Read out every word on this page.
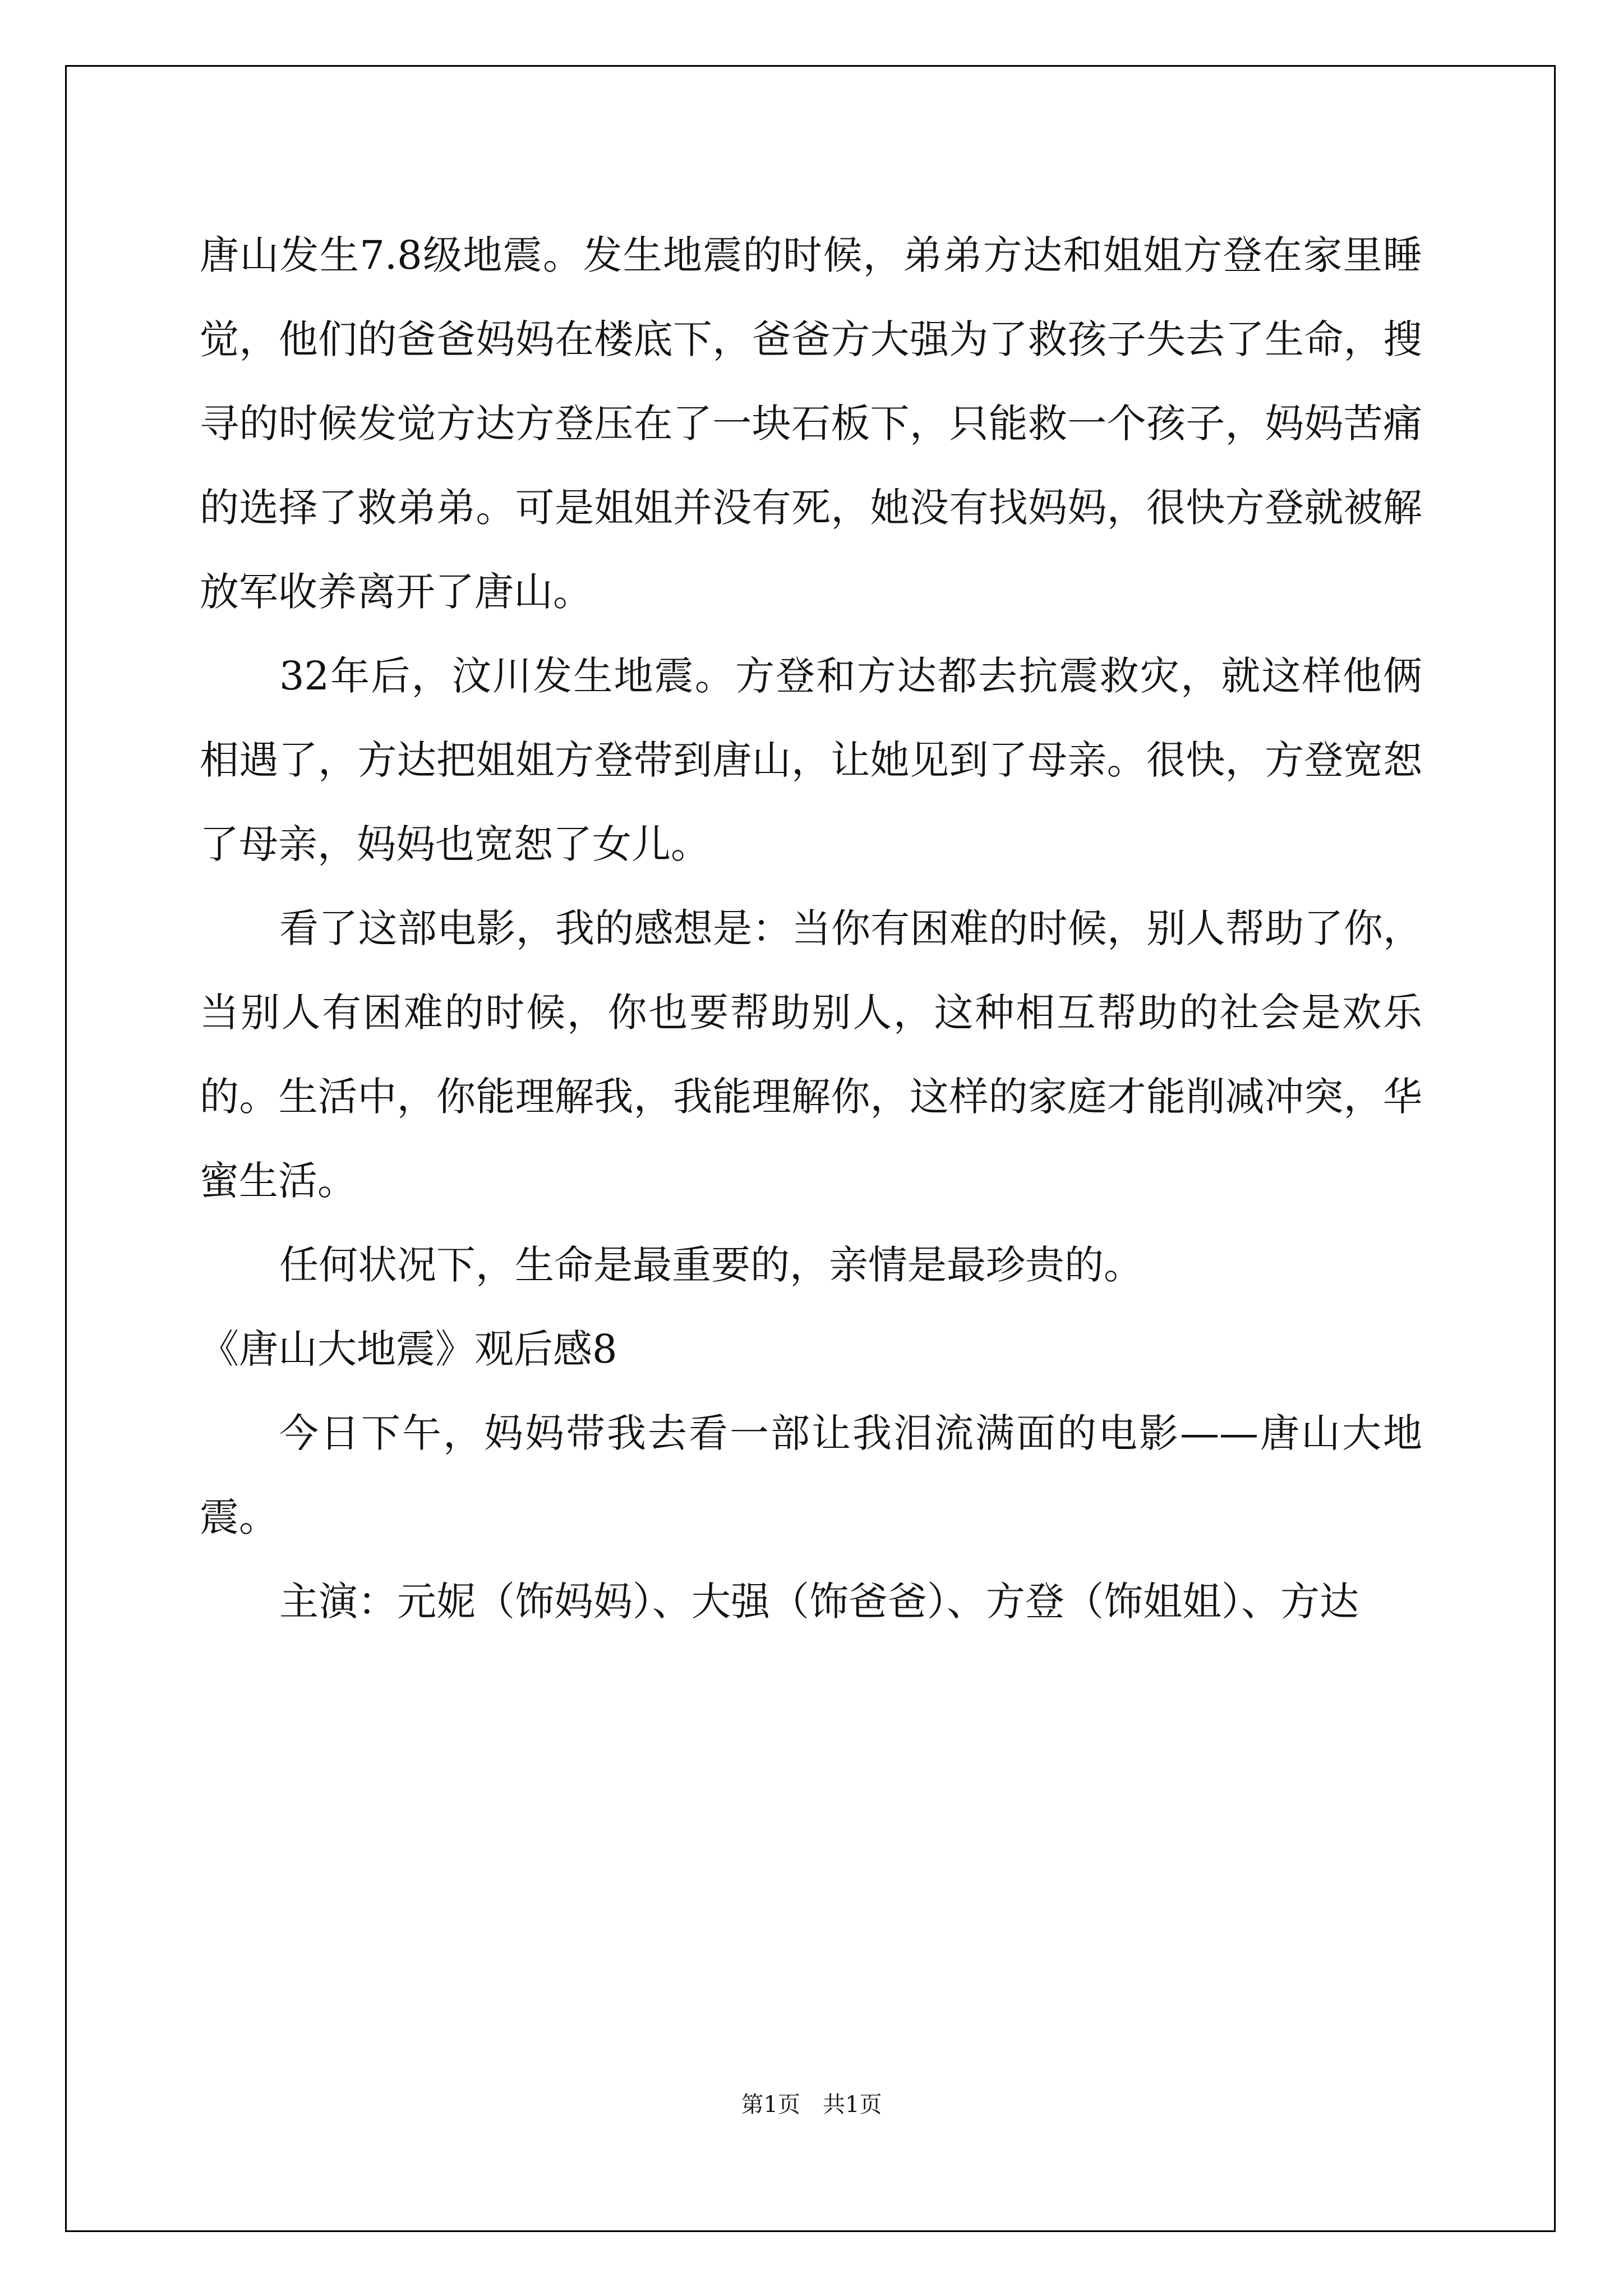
唐山发生7.8级地震。发生地震的时候，弟弟方达和姐姐方登在家里睡觉，他们的爸爸妈妈在楼底下，爸爸方大强为了救孩子失去了生命，搜寻的时候发觉方达方登压在了一块石板下，只能救一个孩子，妈妈苦痛的选择了救弟弟。可是姐姐并没有死，她没有找妈妈，很快方登就被解放军收养离开了唐山。

32年后，汶川发生地震。方登和方达都去抗震救灾，就这样他俩相遇了，方达把姐姐方登带到唐山，让她见到了母亲。很快，方登宽恕了母亲，妈妈也宽恕了女儿。

看了这部电影，我的感想是：当你有困难的时候，别人帮助了你，当别人有困难的时候，你也要帮助别人，这种相互帮助的社会是欢乐的。生活中，你能理解我，我能理解你，这样的家庭才能削减冲突，华蜜生活。

任何状况下，生命是最重要的，亲情是最珍贵的。

《唐山大地震》观后感8

今日下午，妈妈带我去看一部让我泪流满面的电影——唐山大地震。

主演：元妮（饰妈妈）、大强（饰爸爸）、方登（饰姐姐）、方达

第1页　共1页
